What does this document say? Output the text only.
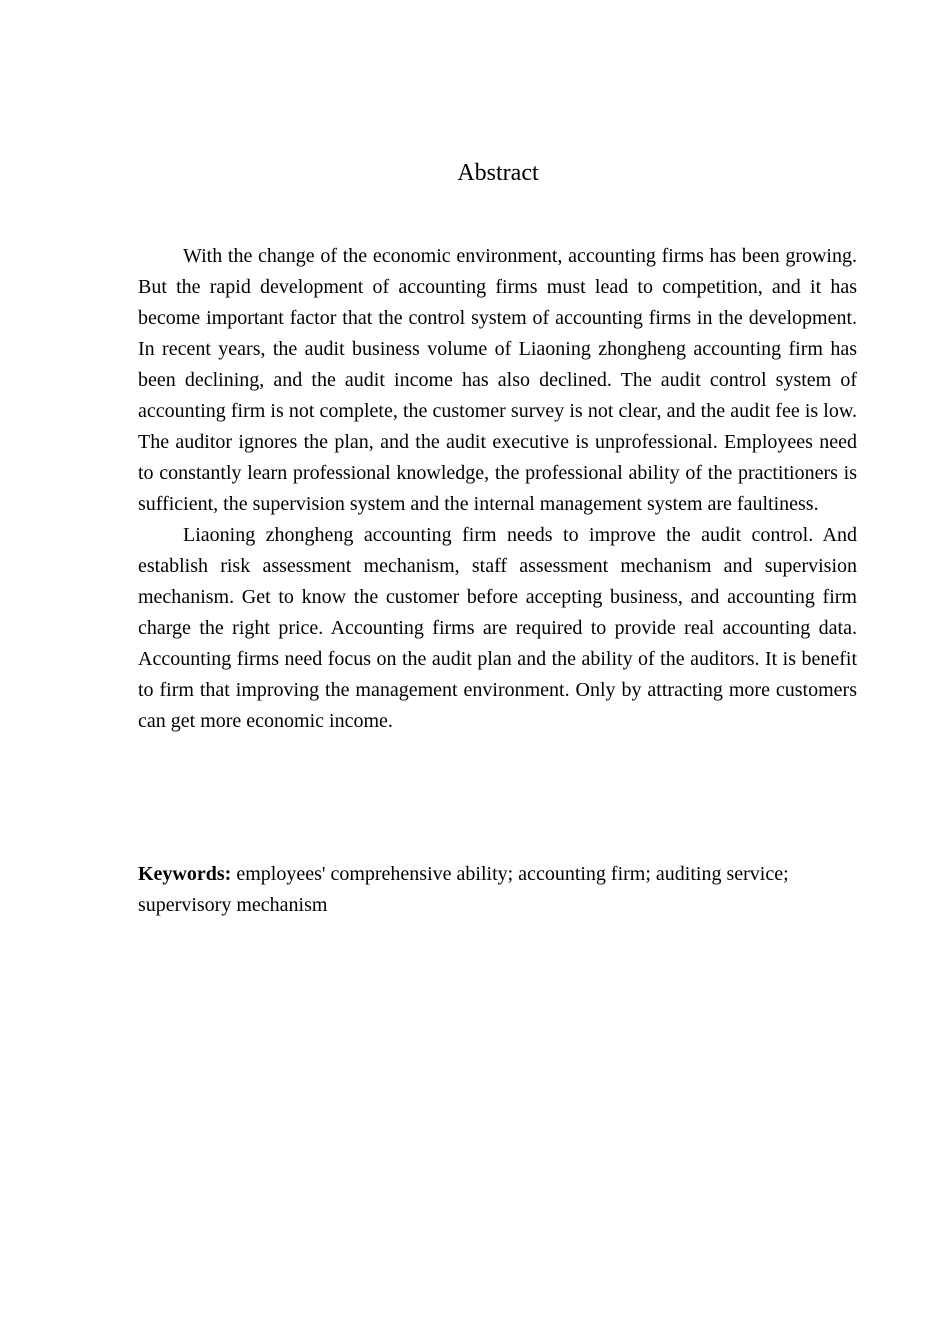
Abstract

With the change of the economic environment, accounting firms has been growing. But the rapid development of accounting firms must lead to competition, and it has become important factor that the control system of accounting firms in the development. In recent years, the audit business volume of Liaoning zhongheng accounting firm has been declining, and the audit income has also declined. The audit control system of accounting firm is not complete, the customer survey is not clear, and the audit fee is low. The auditor ignores the plan, and the audit executive is unprofessional. Employees need to constantly learn professional knowledge, the professional ability of the practitioners is sufficient, the supervision system and the internal management system are faultiness.

Liaoning zhongheng accounting firm needs to improve the audit control. And establish risk assessment mechanism, staff assessment mechanism and supervision mechanism. Get to know the customer before accepting business, and accounting firm charge the right price. Accounting firms are required to provide real accounting data. Accounting firms need focus on the audit plan and the ability of the auditors. It is benefit to firm that improving the management environment. Only by attracting more customers can get more economic income.

Keywords: employees' comprehensive ability; accounting firm; auditing service; supervisory mechanism
